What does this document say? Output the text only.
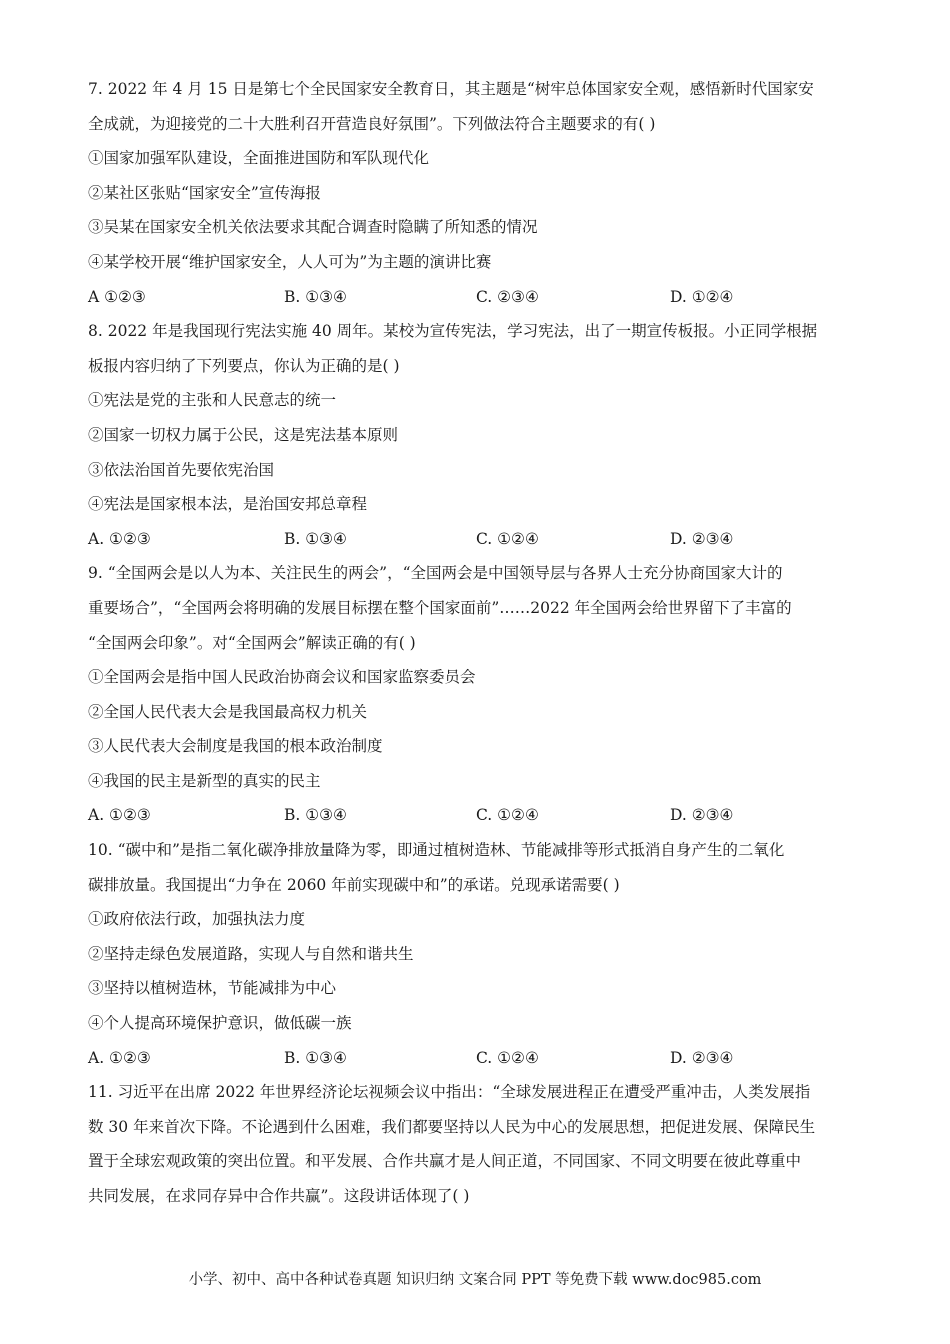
7. 2022 年 4 月 15 日是第七个全民国家安全教育日，其主题是“树牢总体国家安全观，感悟新时代国家安
全成就，为迎接党的二十大胜利召开营造良好氛围”。下列做法符合主题要求的有( )
①国家加强军队建设，全面推进国防和军队现代化
②某社区张贴“国家安全”宣传海报
③吴某在国家安全机关依法要求其配合调查时隐瞒了所知悉的情况
④某学校开展“维护国家安全，人人可为”为主题的演讲比赛
A ①②③	B. ①③④	C. ②③④	D. ①②④
8. 2022 年是我国现行宪法实施 40 周年。某校为宣传宪法，学习宪法，出了一期宣传板报。小正同学根据
板报内容归纳了下列要点，你认为正确的是( )
①宪法是党的主张和人民意志的统一
②国家一切权力属于公民，这是宪法基本原则
③依法治国首先要依宪治国
④宪法是国家根本法，是治国安邦总章程
A. ①②③	B. ①③④	C. ①②④	D. ②③④
9. “全国两会是以人为本、关注民生的两会”，“全国两会是中国领导层与各界人士充分协商国家大计的
重要场合”，“全国两会将明确的发展目标摆在整个国家面前”……2022 年全国两会给世界留下了丰富的
“全国两会印象”。对“全国两会”解读正确的有( )
①全国两会是指中国人民政治协商会议和国家监察委员会
②全国人民代表大会是我国最高权力机关
③人民代表大会制度是我国的根本政治制度
④我国的民主是新型的真实的民主
A. ①②③	B. ①③④	C. ①②④	D. ②③④
10. “碳中和”是指二氧化碳净排放量降为零，即通过植树造林、节能减排等形式抵消自身产生的二氧化
碳排放量。我国提出“力争在 2060 年前实现碳中和”的承诺。兑现承诺需要( )
①政府依法行政，加强执法力度
②坚持走绿色发展道路，实现人与自然和谐共生
③坚持以植树造林，节能减排为中心
④个人提高环境保护意识，做低碳一族
A. ①②③	B. ①③④	C. ①②④	D. ②③④
11. 习近平在出席 2022 年世界经济论坛视频会议中指出：“全球发展进程正在遭受严重冲击，人类发展指
数 30 年来首次下降。不论遇到什么困难，我们都要坚持以人民为中心的发展思想，把促进发展、保障民生
置于全球宏观政策的突出位置。和平发展、合作共赢才是人间正道，不同国家、不同文明要在彼此尊重中
共同发展，在求同存异中合作共赢”。这段讲话体现了( )
小学、初中、高中各种试卷真题 知识归纳 文案合同 PPT 等免费下载 www.doc985.com
